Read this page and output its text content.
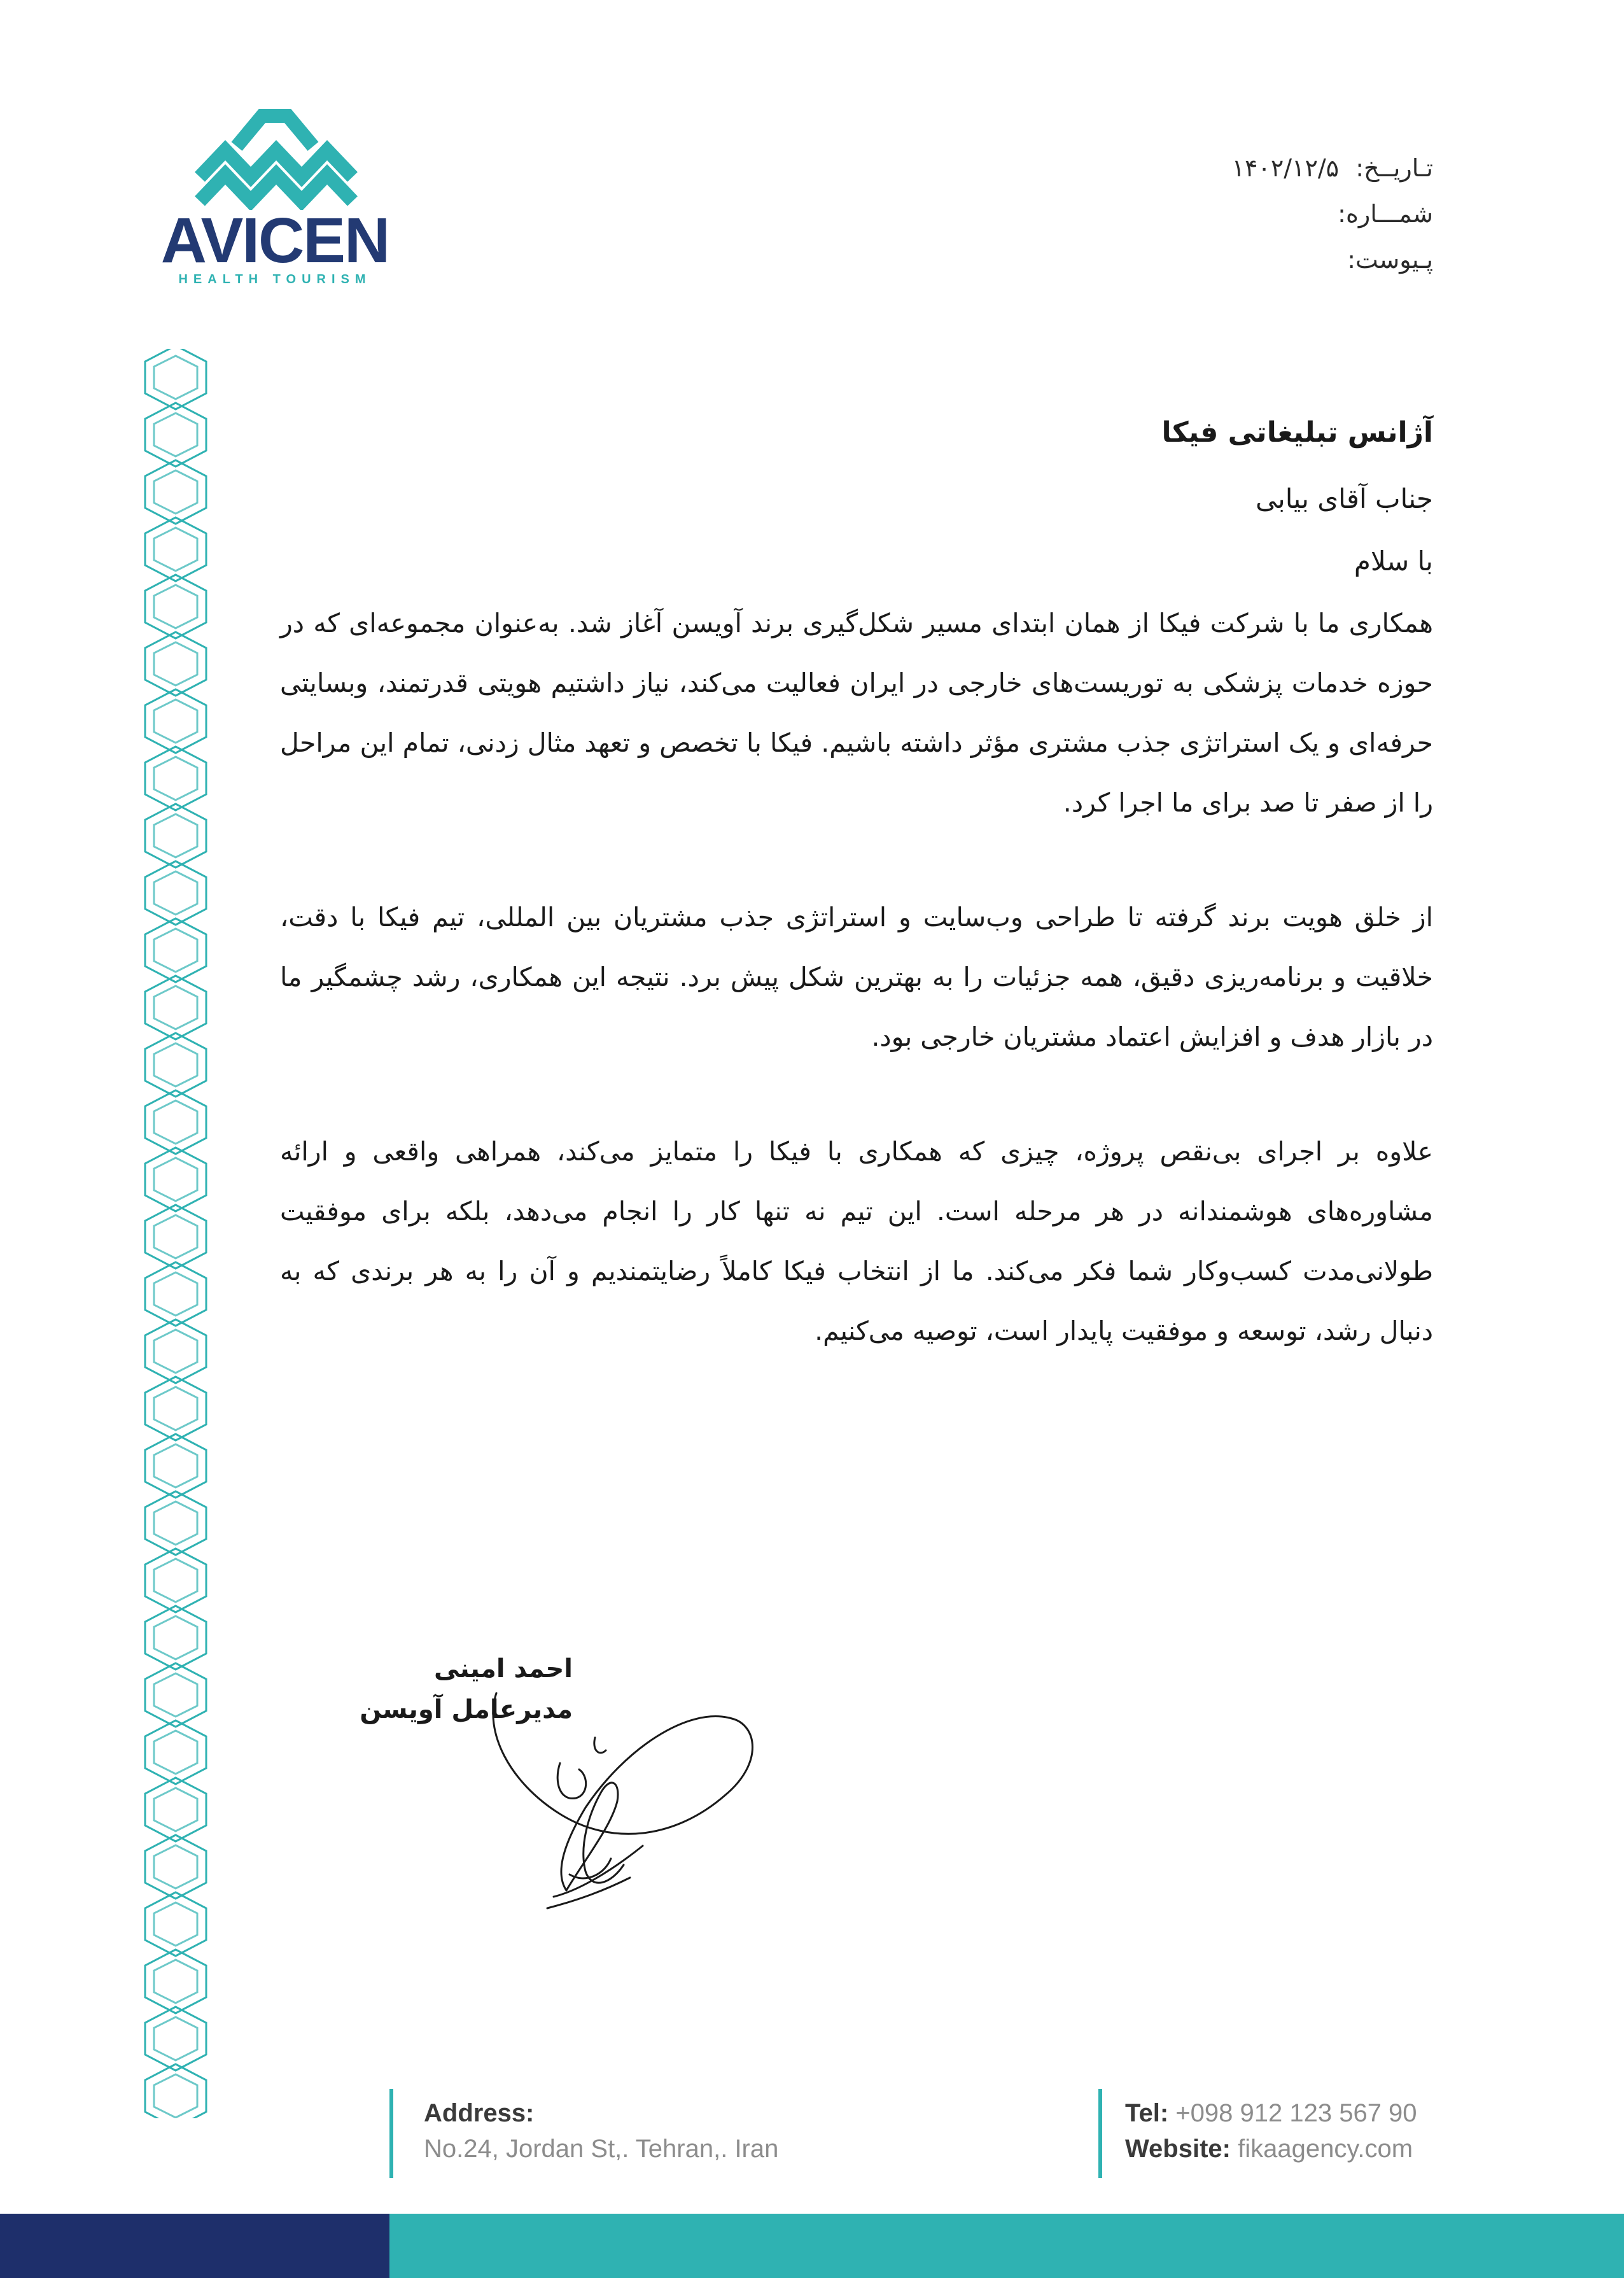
AVICEN
HEALTH TOURISM
تـاریــخ: ۱۴۰۲/۱۲/۵
شمـــاره:
پـیوست:
آژانس تبلیغاتی فیکا
جناب آقای بیابی
با سلام

همکاری ما با شرکت فیکا از همان ابتدای مسیر شکل‌گیری برند آویسن آغاز شد. به‌عنوان مجموعه‌ای که در حوزه خدمات پزشکی به توریست‌های خارجی در ایران فعالیت می‌کند، نیاز داشتیم هویتی قدرتمند، وبسایتی حرفه‌ای و یک استراتژی جذب مشتری مؤثر داشته باشیم. فیکا با تخصص و تعهد مثال زدنی، تمام این مراحل را از صفر تا صد برای ما اجرا کرد.

از خلق هویت برند گرفته تا طراحی وب‌سایت و استراتژی جذب مشتریان بین المللی، تیم فیکا با دقت، خلاقیت و برنامه‌ریزی دقیق، همه جزئیات را به بهترین شکل پیش برد. نتیجه این همکاری، رشد چشمگیر ما در بازار هدف و افزایش اعتماد مشتریان خارجی بود.

علاوه بر اجرای بی‌نقص پروژه، چیزی که همکاری با فیکا را متمایز می‌کند، همراهی واقعی و ارائه مشاوره‌های هوشمندانه در هر مرحله است. این تیم نه تنها کار را انجام می‌دهد، بلکه برای موفقیت طولانی‌مدت کسب‌وکار شما فکر می‌کند. ما از انتخاب فیکا کاملاً رضایتمندیم و آن را به هر برندی که به دنبال رشد، توسعه و موفقیت پایدار است، توصیه می‌کنیم.

احمد امینی
مدیرعامل آویسن
Address:
No.24, Jordan St,. Tehran,. Iran
Tel: +098 912 123 567 90
Website: fikaagency.com
